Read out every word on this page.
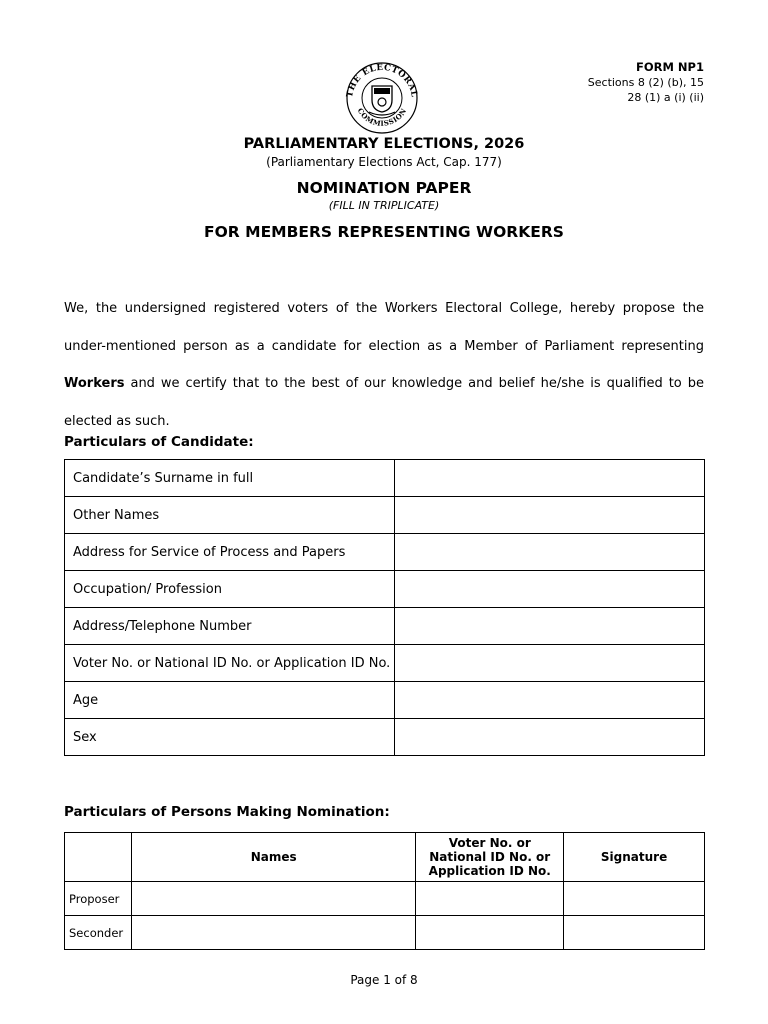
FORM NP1
Sections 8 (2) (b), 15
28 (1) a (i) (ii)
THE ELECTORAL
COMMISSION
PARLIAMENTARY ELECTIONS, 2026
(Parliamentary Elections Act, Cap. 177)
NOMINATION PAPER
(FILL IN TRIPLICATE)
FOR MEMBERS REPRESENTING WORKERS
We, the undersigned registered voters of the Workers Electoral College, hereby propose the under-mentioned person as a candidate for election as a Member of Parliament representing Workers and we certify that to the best of our knowledge and belief he/she is qualified to be elected as such.
Particulars of Candidate:
Candidate’s Surname in full	
Other Names	
Address for Service of Process and Papers	
Occupation/ Profession	
Address/Telephone Number	
Voter No. or National ID No. or Application ID No.	
Age	
Sex	
Particulars of Persons Making Nomination:
	Names	Voter No. or National ID No. or Application ID No.	Signature
Proposer			
Seconder			
Page 1 of 8
